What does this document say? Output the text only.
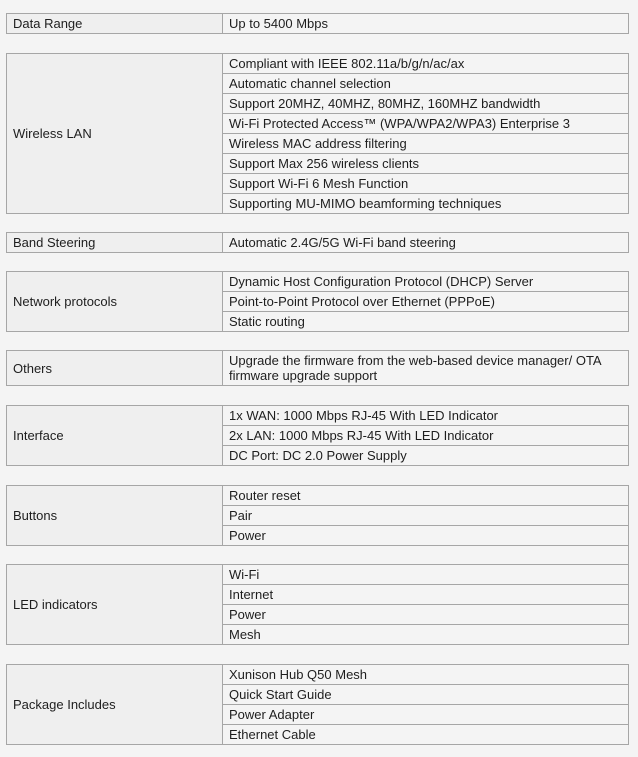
Data Range	Up to 5400 Mbps
Wireless LAN	Compliant with IEEE 802.11a/b/g/n/ac/ax
Automatic channel selection
Support 20MHZ, 40MHZ, 80MHZ, 160MHZ bandwidth
Wi-Fi Protected Access™ (WPA/WPA2/WPA3) Enterprise 3
Wireless MAC address filtering
Support Max 256 wireless clients
Support Wi-Fi 6 Mesh Function
Supporting MU-MIMO beamforming techniques
Band Steering	Automatic 2.4G/5G Wi-Fi band steering
Network protocols	Dynamic Host Configuration Protocol (DHCP) Server
Point-to-Point Protocol over Ethernet (PPPoE)
Static routing
Others	Upgrade the firmware from the web-based device manager/ OTA firmware upgrade support
Interface	1x WAN: 1000 Mbps RJ-45 With LED Indicator
2x LAN: 1000 Mbps RJ-45 With LED Indicator
DC Port: DC 2.0 Power Supply
Buttons	Router reset
Pair
Power
LED indicators	Wi-Fi
Internet
Power
Mesh
Package Includes	Xunison Hub Q50 Mesh
Quick Start Guide
Power Adapter
Ethernet Cable
